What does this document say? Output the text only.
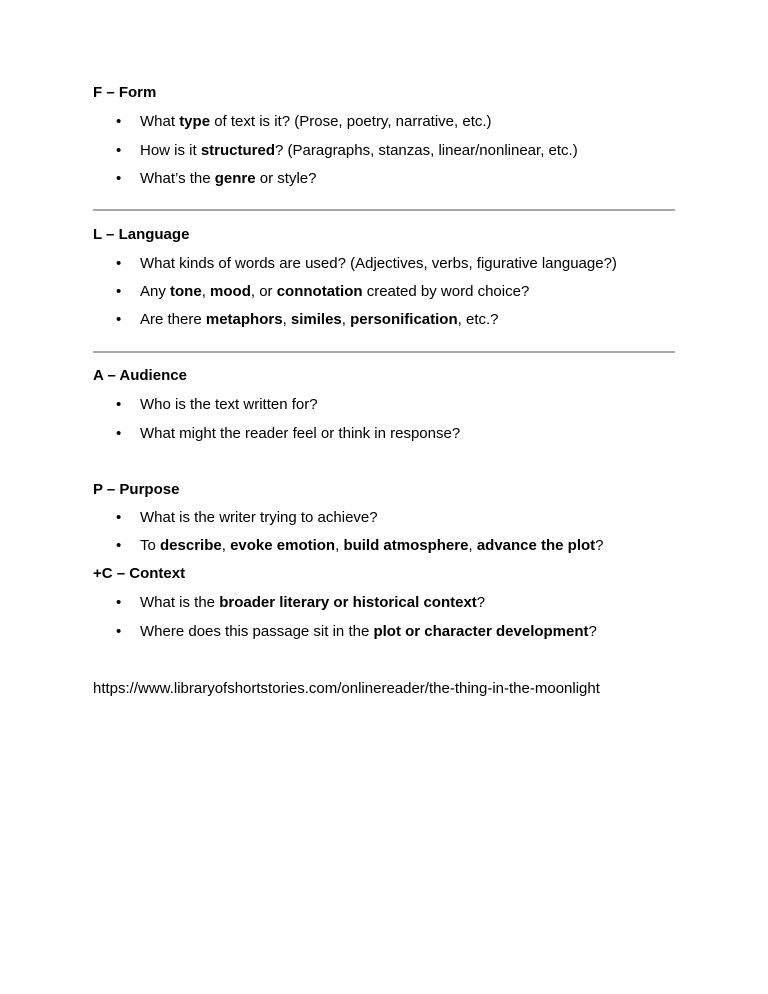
https://www.libraryofshortstories.com/onlinereader/the-thing-in-the-moonlight
F – Form
•	What type of text is it? (Prose, poetry, narrative, etc.)
•	How is it structured? (Paragraphs, stanzas, linear/nonlinear, etc.)
•	What’s the genre or style?
L – Language
•	What kinds of words are used? (Adjectives, verbs, figurative language?)
•	Any tone, mood, or connotation created by word choice?
•	Are there metaphors, similes, personification, etc.?
A – Audience
•	Who is the text written for?
•	What might the reader feel or think in response?
P – Purpose
•	What is the writer trying to achieve?
•	To describe, evoke emotion, build atmosphere, advance the plot?
+C – Context
•	What is the broader literary or historical context?
•	Where does this passage sit in the plot or character development?
